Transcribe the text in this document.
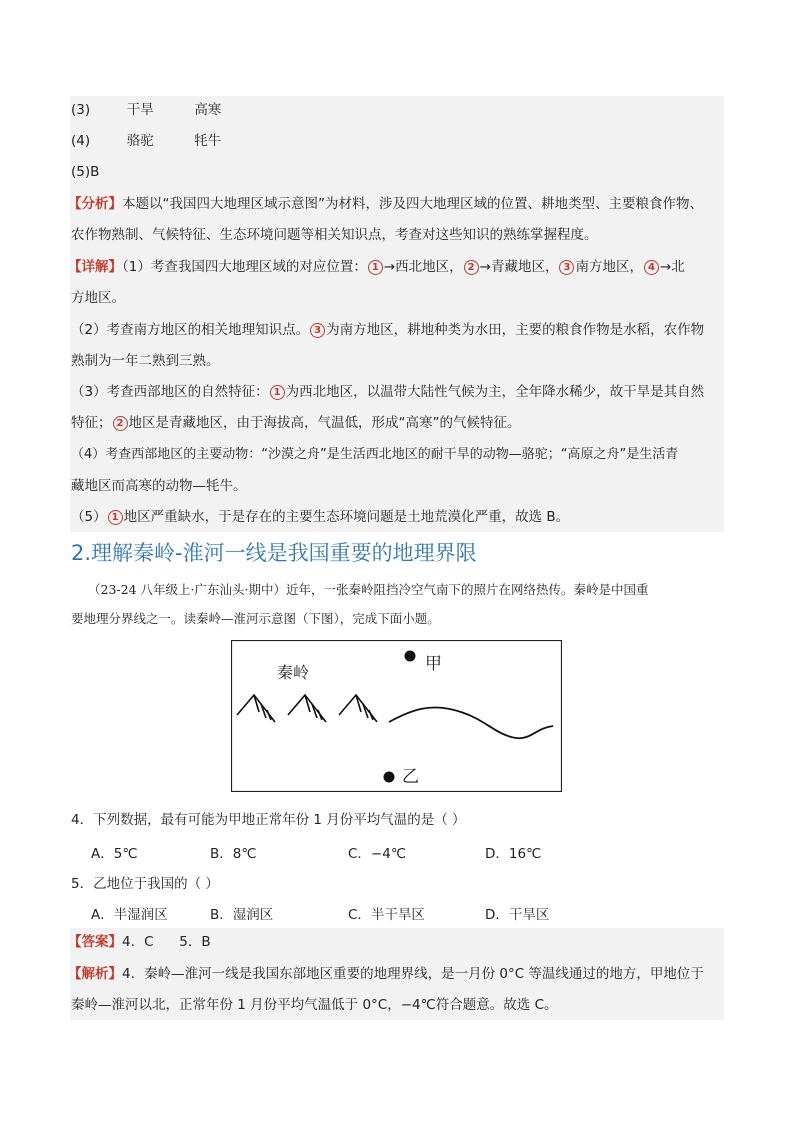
(3)	干旱	高寒
(4)	骆驼	牦牛
(5)B
【分析】本题以“我国四大地理区域示意图”为材料，涉及四大地理区域的位置、耕地类型、主要粮食作物、
农作物熟制、气候特征、生态环境问题等相关知识点，考查对这些知识的熟练掌握程度。
【详解】（1）考查我国四大地理区域的对应位置： 1 →西北地区， 2 →青藏地区， 3 南方地区， 4 →北
方地区。
（2）考查南方地区的相关地理知识点。 3 为南方地区，耕地种类为水田，主要的粮食作物是水稻，农作物
熟制为一年二熟到三熟。
（3）考查西部地区的自然特征： 1 为西北地区，以温带大陆性气候为主，全年降水稀少，故干旱是其自然
特征； 2 地区是青藏地区，由于海拔高，气温低，形成“高寒”的气候特征。
（4）考查西部地区的主要动物：“沙漠之舟”是生活西北地区的耐干旱的动物—骆驼；“高原之舟”是生活青
藏地区而高寒的动物—牦牛。
（5） 1 地区严重缺水，于是存在的主要生态环境问题是土地荒漠化严重，故选 B。
2.理解秦岭-淮河一线是我国重要的地理界限
（23-24 八年级上·广东汕头·期中）近年，一张秦岭阻挡冷空气南下的照片在网络热传。秦岭是中国重
要地理分界线之一。读秦岭—淮河示意图（下图），完成下面小题。
秦岭	甲
乙
4．下列数据，最有可能为甲地正常年份 1 月份平均气温的是（ ）
A．5℃	B．8℃	C．−4℃	D．16℃
5．乙地位于我国的（ ）
A．半湿润区	B．湿润区	C．半干旱区	D．干旱区
【答案】4．C      5．B
【解析】4．秦岭—淮河一线是我国东部地区重要的地理界线，是一月份 0°C 等温线通过的地方，甲地位于
秦岭—淮河以北，正常年份 1 月份平均气温低于 0°C，−4℃符合题意。故选 C。
